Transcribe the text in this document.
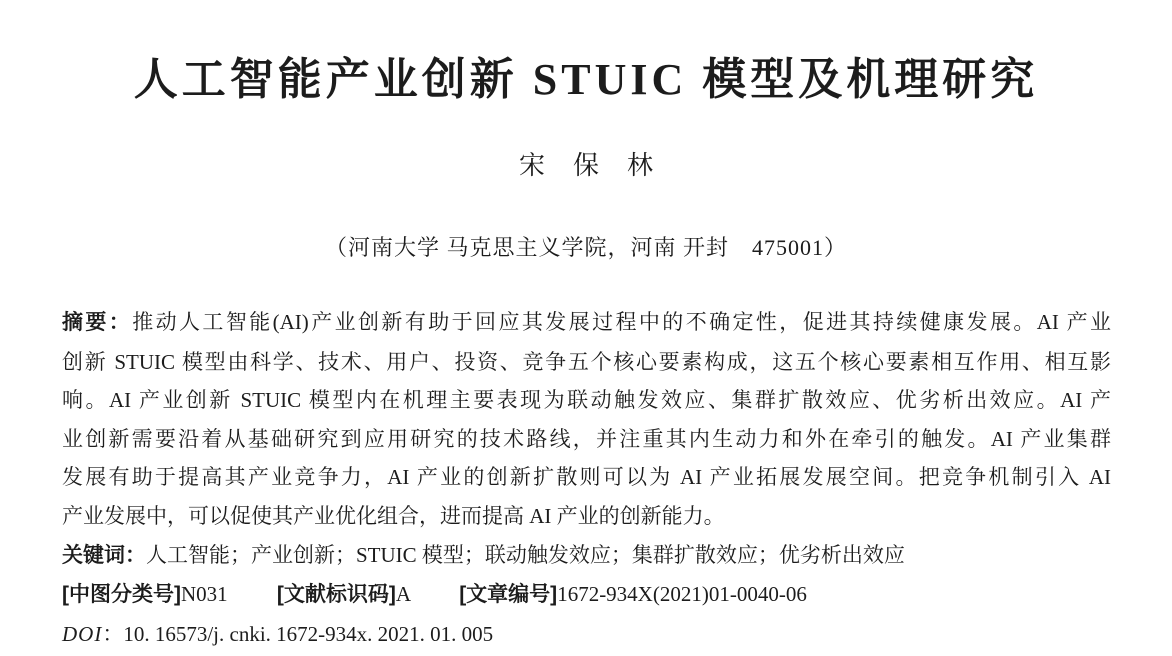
人工智能产业创新 STUIC 模型及机理研究
宋保林
（河南大学 马克思主义学院，河南 开封　475001）
摘要：推动人工智能(AI)产业创新有助于回应其发展过程中的不确定性，促进其持续健康发展。AI 产业
创新 STUIC 模型由科学、技术、用户、投资、竞争五个核心要素构成，这五个核心要素相互作用、相互影
响。AI 产业创新 STUIC 模型内在机理主要表现为联动触发效应、集群扩散效应、优劣析出效应。AI 产
业创新需要沿着从基础研究到应用研究的技术路线，并注重其内生动力和外在牵引的触发。AI 产业集群
发展有助于提高其产业竞争力，AI 产业的创新扩散则可以为 AI 产业拓展发展空间。把竞争机制引入 AI
产业发展中，可以促使其产业优化组合，进而提高 AI 产业的创新能力。
关键词：人工智能；产业创新；STUIC 模型；联动触发效应；集群扩散效应；优劣析出效应
[中图分类号]N031 [文献标识码]A [文章编号]1672-934X(2021)01-0040-06
DOI：10. 16573/j. cnki. 1672-934x. 2021. 01. 005
